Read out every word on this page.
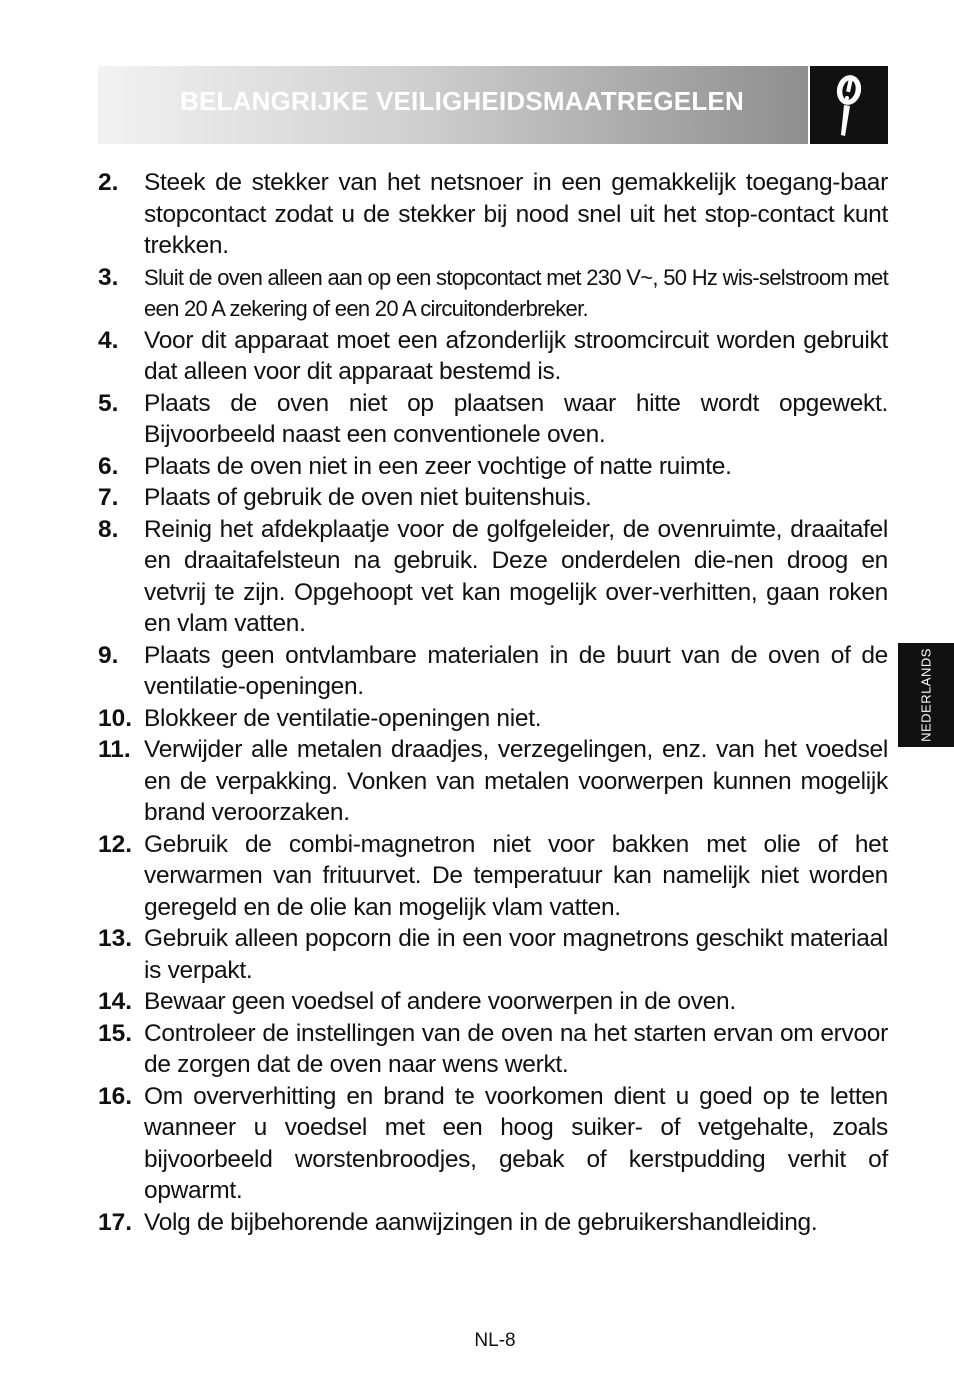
BELANGRIJKE VEILIGHEIDSMAATREGELEN
2. Steek de stekker van het netsnoer in een gemakkelijk toegang-baar stopcontact zodat u de stekker bij nood snel uit het stop-contact kunt trekken.
3. Sluit de oven alleen aan op een stopcontact met 230 V~, 50 Hz wis-selstroom met een 20 A zekering of een 20 A circuitonderbreker.
4. Voor dit apparaat moet een afzonderlijk stroomcircuit worden gebruikt dat alleen voor dit apparaat bestemd is.
5. Plaats de oven niet op plaatsen waar hitte wordt opgewekt. Bijvoorbeeld naast een conventionele oven.
6. Plaats de oven niet in een zeer vochtige of natte ruimte.
7. Plaats of gebruik de oven niet buitenshuis.
8. Reinig het afdekplaatje voor de golfgeleider, de ovenruimte, draaitafel en draaitafelsteun na gebruik. Deze onderdelen die-nen droog en vetvrij te zijn. Opgehoopt vet kan mogelijk over-verhitten, gaan roken en vlam vatten.
9. Plaats geen ontvlambare materialen in de buurt van de oven of de ventilatie-openingen.
10. Blokkeer de ventilatie-openingen niet.
11. Verwijder alle metalen draadjes, verzegelingen, enz. van het voedsel en de verpakking. Vonken van metalen voorwerpen kunnen mogelijk brand veroorzaken.
12. Gebruik de combi-magnetron niet voor bakken met olie of het verwarmen van frituurvet. De temperatuur kan namelijk niet worden geregeld en de olie kan mogelijk vlam vatten.
13. Gebruik alleen popcorn die in een voor magnetrons geschikt materiaal is verpakt.
14. Bewaar geen voedsel of andere voorwerpen in de oven.
15. Controleer de instellingen van de oven na het starten ervan om ervoor de zorgen dat de oven naar wens werkt.
16. Om oververhitting en brand te voorkomen dient u goed op te letten wanneer u voedsel met een hoog suiker- of vetgehalte, zoals bijvoorbeeld worstenbroodjes, gebak of kerstpudding verhit of opwarmt.
17. Volg de bijbehorende aanwijzingen in de gebruikershandleiding.
NEDERLANDS
NL-8
